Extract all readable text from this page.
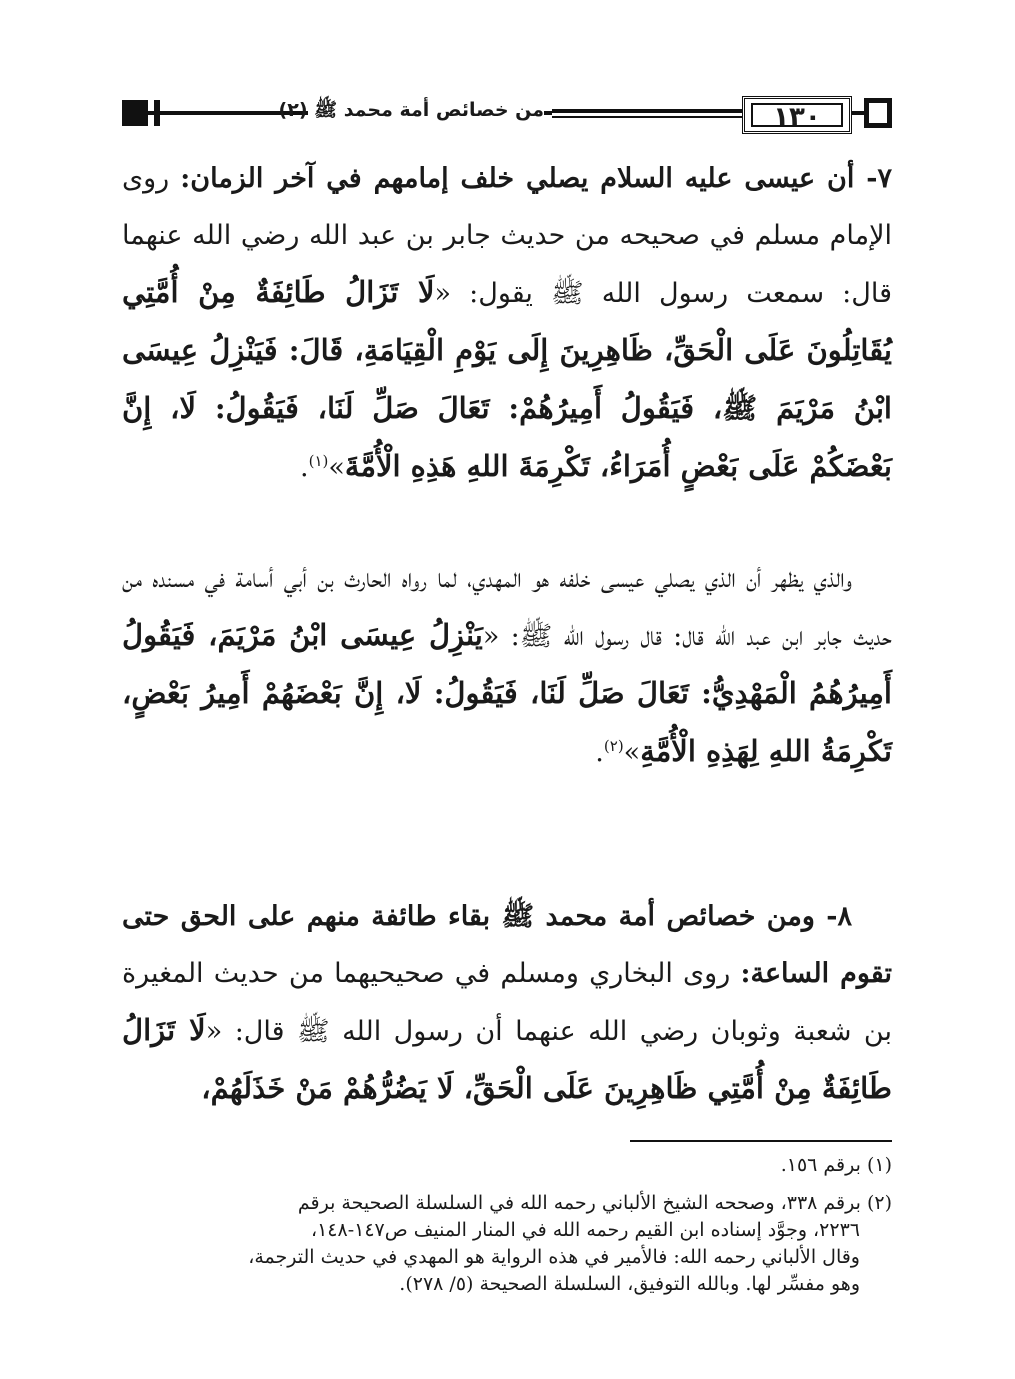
من خصائص أمة محمد ﷺ (٢)	١٣٠
٧- أن عيسى عليه السلام يصلي خلف إمامهم في آخر الزمان: روى الإمام مسلم في صحيحه من حديث جابر بن عبد الله رضي الله عنهما قال: سمعت رسول الله ﷺ يقول: «لَا تَزَالُ طَائِفَةٌ مِنْ أُمَّتِي يُقَاتِلُونَ عَلَى الْحَقِّ، ظَاهِرِينَ إِلَى يَوْمِ الْقِيَامَةِ، قَالَ: فَيَنْزِلُ عِيسَى ابْنُ مَرْيَمَ ﷺ، فَيَقُولُ أَمِيرُهُمْ: تَعَالَ صَلِّ لَنَا، فَيَقُولُ: لَا، إِنَّ بَعْضَكُمْ عَلَى بَعْضٍ أُمَرَاءُ، تَكْرِمَةَ اللهِ هَذِهِ الْأُمَّةَ»$^{(١)}$.
والذي يظهر أن الذي يصلي عيسى خلفه هو المهدي، لما رواه الحارث بن أبي أسامة في مسنده من حديث جابر ابن عبد الله قال: قال رسول الله ﷺ: «يَنْزِلُ عِيسَى ابْنُ مَرْيَمَ، فَيَقُولُ أَمِيرُهُمُ الْمَهْدِيُّ: تَعَالَ صَلِّ لَنَا، فَيَقُولُ: لَا، إِنَّ بَعْضَهُمْ أَمِيرُ بَعْضٍ، تَكْرِمَةُ اللهِ لِهَذِهِ الْأُمَّةِ»$^{(٢)}$.
٨- ومن خصائص أمة محمد ﷺ بقاء طائفة منهم على الحق حتى تقوم الساعة: روى البخاري ومسلم في صحيحيهما من حديث المغيرة بن شعبة وثوبان رضي الله عنهما أن رسول الله ﷺ قال: «لَا تَزَالُ طَائِفَةٌ مِنْ أُمَّتِي ظَاهِرِينَ عَلَى الْحَقِّ، لَا يَضُرُّهُمْ مَنْ خَذَلَهُمْ،
(١) برقم ١٥٦.
(٢) برقم ٣٣٨، وصححه الشيخ الألباني رحمه الله في السلسلة الصحيحة برقم
٢٢٣٦، وجوَّد إسناده ابن القيم رحمه الله في المنار المنيف ص١٤٧-١٤٨،
وقال الألباني رحمه الله: فالأمير في هذه الرواية هو المهدي في حديث الترجمة،
وهو مفسِّر لها. وبالله التوفيق، السلسلة الصحيحة (٥/ ٢٧٨).
